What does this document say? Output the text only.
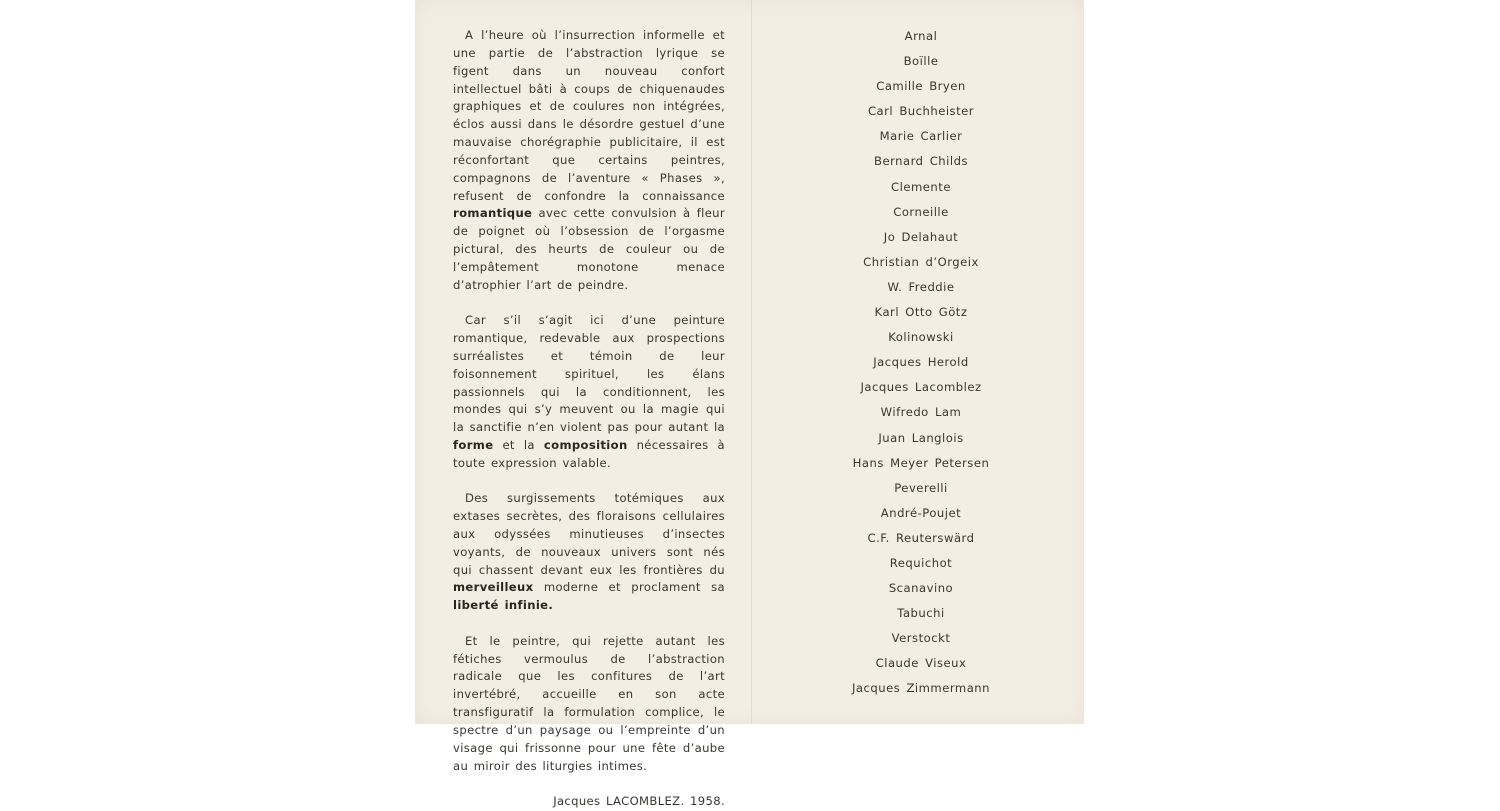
A l’heure où l’insurrection informelle et une partie de l’abstraction lyrique se figent dans un nouveau confort intellectuel bâti à coups de chiquenaudes graphiques et de coulures non intégrées, éclos aussi dans le désordre gestuel d’une mauvaise chorégraphie publicitaire, il est réconfortant que certains peintres, compagnons de l’aventure « Phases », refusent de confondre la connaissance romantique avec cette convulsion à fleur de poignet où l’obsession de l’orgasme pictural, des heurts de couleur ou de l’empâtement monotone menace d’atrophier l’art de peindre.

Car s’il s’agit ici d’une peinture romantique, redevable aux prospections surréalistes et témoin de leur foisonnement spirituel, les élans passionnels qui la conditionnent, les mondes qui s’y meuvent ou la magie qui la sanctifie n’en violent pas pour autant la forme et la composition nécessaires à toute expression valable.

Des surgissements totémiques aux extases secrètes, des floraisons cellulaires aux odyssées minutieuses d’insectes voyants, de nouveaux univers sont nés qui chassent devant eux les frontières du merveilleux moderne et proclament sa liberté infinie.

Et le peintre, qui rejette autant les fétiches vermoulus de l’abstraction radicale que les confitures de l’art invertébré, accueille en son acte transfiguratif la formulation complice, le spectre d’un paysage ou l’empreinte d’un visage qui frissonne pour une fête d’aube au miroir des liturgies intimes.

Jacques LACOMBLEZ. 1958.
Arnal
Boïlle
Camille Bryen
Carl Buchheister
Marie Carlier
Bernard Childs
Clemente
Corneille
Jo Delahaut
Christian d’Orgeix
W. Freddie
Karl Otto Götz
Kolinowski
Jacques Herold
Jacques Lacomblez
Wifredo Lam
Juan Langlois
Hans Meyer Petersen
Peverelli
André-Poujet
C.F. Reuterswärd
Requichot
Scanavino
Tabuchi
Verstockt
Claude Viseux
Jacques Zimmermann
